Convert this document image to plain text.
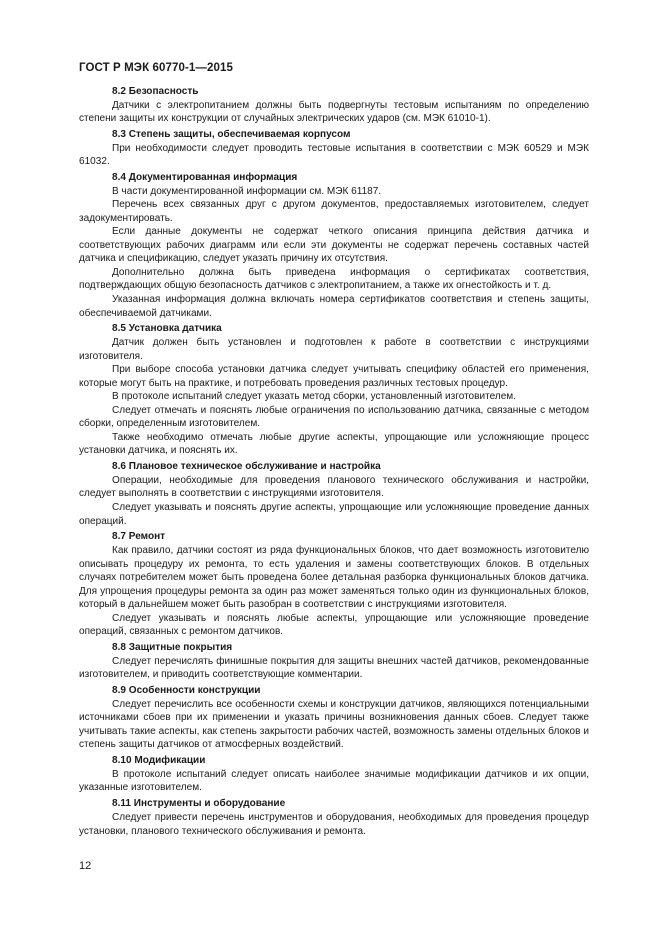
ГОСТ Р МЭК 60770-1—2015

8.2 Безопасность

Датчики с электропитанием должны быть подвергнуты тестовым испытаниям по определению степени защиты их конструкции от случайных электрических ударов (см. МЭК 61010-1).

8.3 Степень защиты, обеспечиваемая корпусом

При необходимости следует проводить тестовые испытания в соответствии с МЭК 60529 и МЭК 61032.

8.4 Документированная информация

В части документированной информации см. МЭК 61187.

Перечень всех связанных друг с другом документов, предоставляемых изготовителем, следует задокументировать.

Если данные документы не содержат четкого описания принципа действия датчика и соответствующих рабочих диаграмм или если эти документы не содержат перечень составных частей датчика и спецификацию, следует указать причину их отсутствия.

Дополнительно должна быть приведена информация о сертификатах соответствия, подтверждающих общую безопасность датчиков с электропитанием, а также их огнестойкость и т. д.

Указанная информация должна включать номера сертификатов соответствия и степень защиты, обеспечиваемой датчиками.

8.5 Установка датчика

Датчик должен быть установлен и подготовлен к работе в соответствии с инструкциями изготовителя.

При выборе способа установки датчика следует учитывать специфику областей его применения, которые могут быть на практике, и потребовать проведения различных тестовых процедур.

В протоколе испытаний следует указать метод сборки, установленный изготовителем.

Следует отмечать и пояснять любые ограничения по использованию датчика, связанные с методом сборки, определенным изготовителем.

Также необходимо отмечать любые другие аспекты, упрощающие или усложняющие процесс установки датчика, и пояснять их.

8.6 Плановое техническое обслуживание и настройка

Операции, необходимые для проведения планового технического обслуживания и настройки, следует выполнять в соответствии с инструкциями изготовителя.

Следует указывать и пояснять другие аспекты, упрощающие или усложняющие проведение данных операций.

8.7 Ремонт

Как правило, датчики состоят из ряда функциональных блоков, что дает возможность изготовителю описывать процедуру их ремонта, то есть удаления и замены соответствующих блоков. В отдельных случаях потребителем может быть проведена более детальная разборка функциональных блоков датчика. Для упрощения процедуры ремонта за один раз может заменяться только один из функциональных блоков, который в дальнейшем может быть разобран в соответствии с инструкциями изготовителя.

Следует указывать и пояснять любые аспекты, упрощающие или усложняющие проведение операций, связанных с ремонтом датчиков.

8.8 Защитные покрытия

Следует перечислять финишные покрытия для защиты внешних частей датчиков, рекомендованные изготовителем, и приводить соответствующие комментарии.

8.9 Особенности конструкции

Следует перечислить все особенности схемы и конструкции датчиков, являющихся потенциальными источниками сбоев при их применении и указать причины возникновения данных сбоев. Следует также учитывать такие аспекты, как степень закрытости рабочих частей, возможность замены отдельных блоков и степень защиты датчиков от атмосферных воздействий.

8.10 Модификации

В протоколе испытаний следует описать наиболее значимые модификации датчиков и их опции, указанные изготовителем.

8.11 Инструменты и оборудование

Следует привести перечень инструментов и оборудования, необходимых для проведения процедур установки, планового технического обслуживания и ремонта.

12
